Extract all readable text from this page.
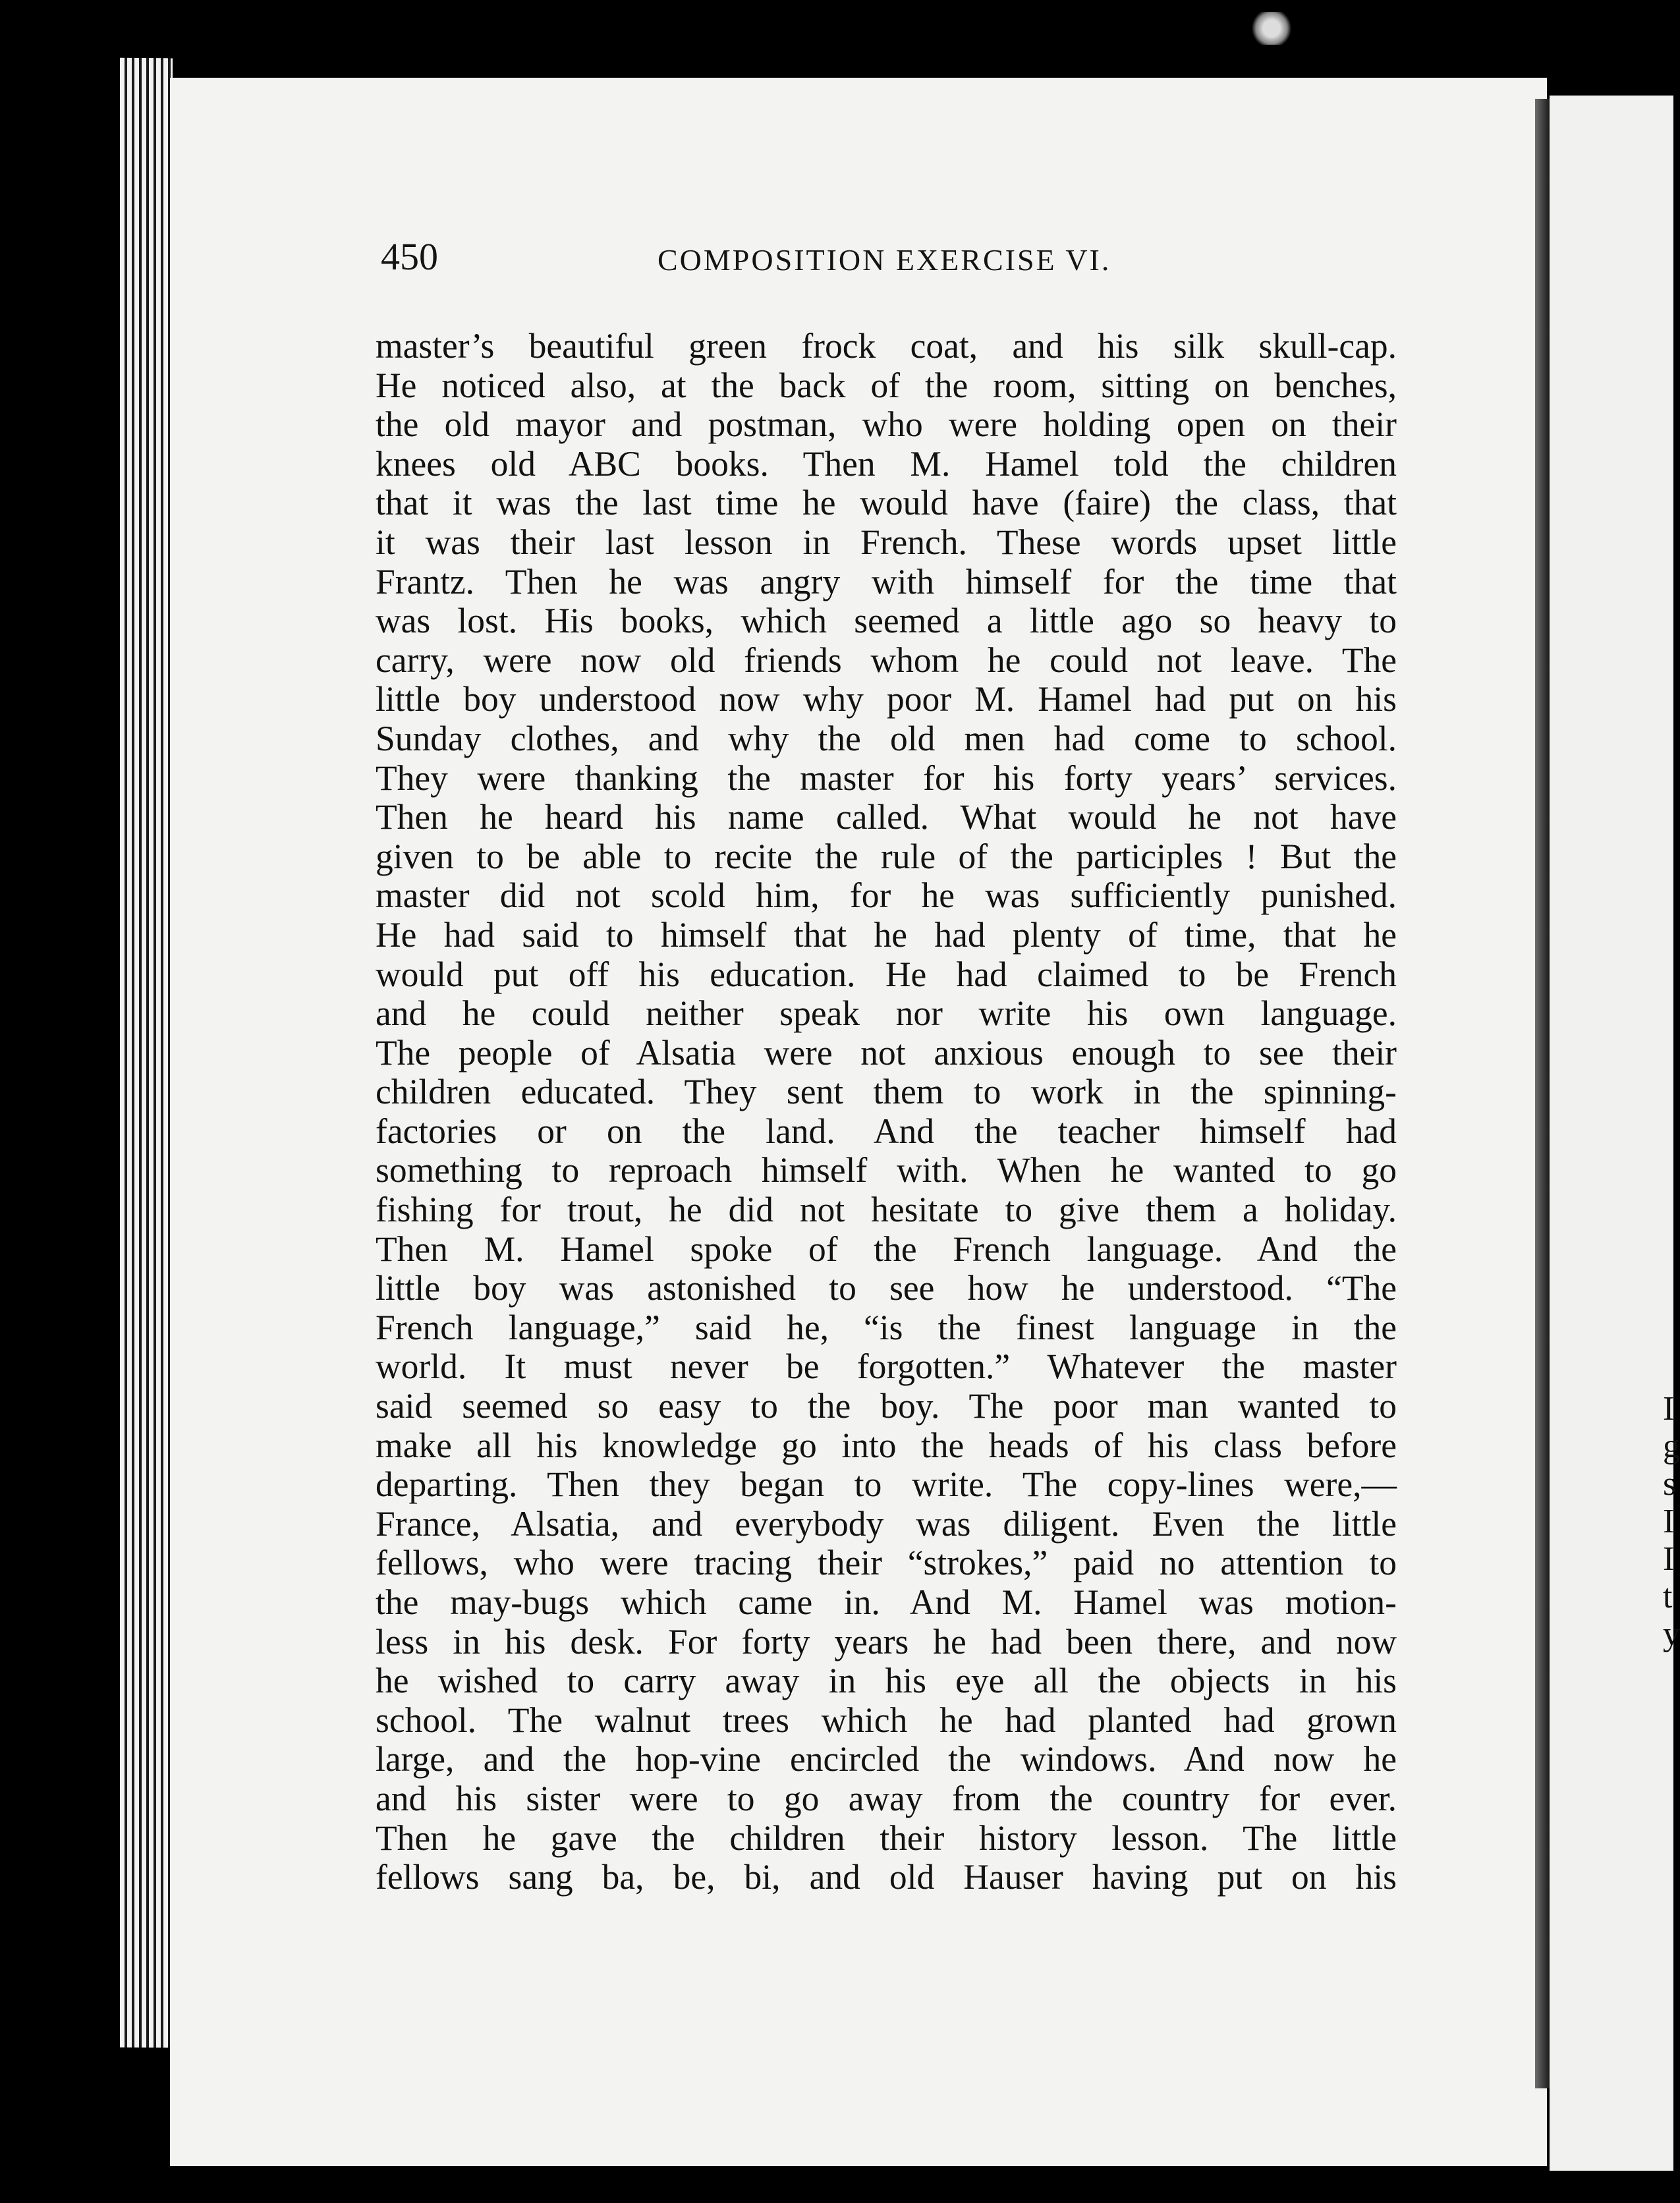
I
g
s
I
I
t
y
450	COMPOSITION EXERCISE VI.
master’s beautiful green frock coat, and his silk skull-cap.
He noticed also, at the back of the room, sitting on benches,
the old mayor and postman, who were holding open on their
knees old ABC books. Then M. Hamel told the children
that it was the last time he would have (faire) the class, that
it was their last lesson in French. These words upset little
Frantz. Then he was angry with himself for the time that
was lost. His books, which seemed a little ago so heavy to
carry, were now old friends whom he could not leave. The
little boy understood now why poor M. Hamel had put on his
Sunday clothes, and why the old men had come to school.
They were thanking the master for his forty years’ services.
Then he heard his name called. What would he not have
given to be able to recite the rule of the participles ! But the
master did not scold him, for he was sufficiently punished.
He had said to himself that he had plenty of time, that he
would put off his education. He had claimed to be French
and he could neither speak nor write his own language.
The people of Alsatia were not anxious enough to see their
children educated. They sent them to work in the spinning-
factories or on the land. And the teacher himself had
something to reproach himself with. When he wanted to go
fishing for trout, he did not hesitate to give them a holiday.
Then M. Hamel spoke of the French language. And the
little boy was astonished to see how he understood. “The
French language,” said he, “is the finest language in the
world. It must never be forgotten.” Whatever the master
said seemed so easy to the boy. The poor man wanted to
make all his knowledge go into the heads of his class before
departing. Then they began to write. The copy-lines were,—
France, Alsatia, and everybody was diligent. Even the little
fellows, who were tracing their “strokes,” paid no attention to
the may-bugs which came in. And M. Hamel was motion-
less in his desk. For forty years he had been there, and now
he wished to carry away in his eye all the objects in his
school. The walnut trees which he had planted had grown
large, and the hop-vine encircled the windows. And now he
and his sister were to go away from the country for ever.
Then he gave the children their history lesson. The little
fellows sang ba, be, bi, and old Hauser having put on his
